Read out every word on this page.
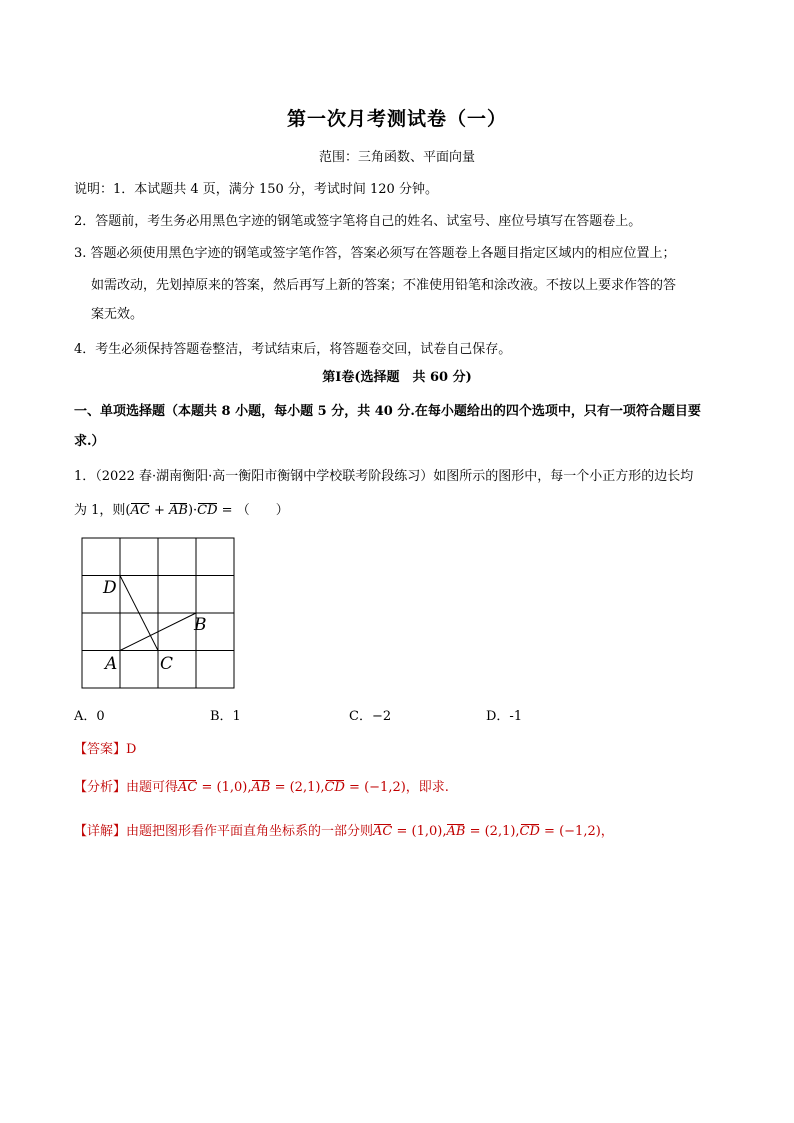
第一次月考测试卷（一）
范围：三角函数、平面向量
说明：1．本试题共 4 页，满分 150 分，考试时间 120 分钟。
2．答题前，考生务必用黑色字迹的钢笔或签字笔将自己的姓名、试室号、座位号填写在答题卷上。
3. 答题必须使用黑色字迹的钢笔或签字笔作答，答案必须写在答题卷上各题目指定区域内的相应位置上；
如需改动，先划掉原来的答案，然后再写上新的答案；不准使用铅笔和涂改液。不按以上要求作答的答
案无效。
4．考生必须保持答题卷整洁，考试结束后，将答题卷交回，试卷自己保存。
第Ⅰ卷(选择题　共 60 分)
一、单项选择题（本题共 8 小题，每小题 5 分，共 40 分.在每小题给出的四个选项中，只有一项符合题目要
求.）
1．（2022 春·湖南衡阳·高一衡阳市衡钢中学校联考阶段练习）如图所示的图形中，每一个小正方形的边长均
为 1，则(AC + AB)·CD = （　　）
D
B
A	C
A．0	B．1	C．−2	D．-1
【答案】D
【分析】由题可得AC = (1,0),AB = (2,1),CD = (−1,2)，即求.
【详解】由题把图形看作平面直角坐标系的一部分则AC = (1,0),AB = (2,1),CD = (−1,2)，
